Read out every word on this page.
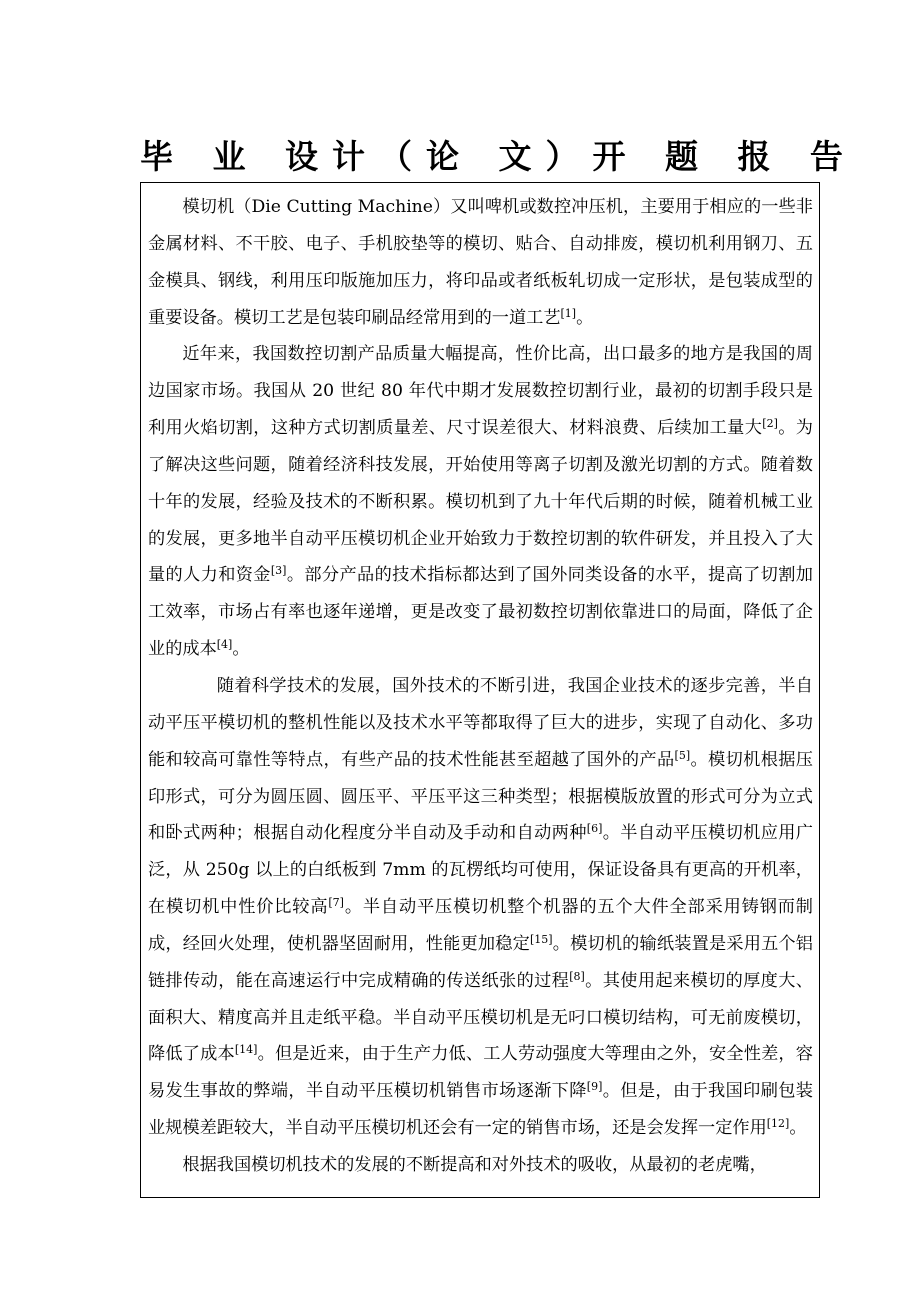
毕 业 设计（论 文）开 题 报 告

模切机（Die Cutting Machine）又叫啤机或数控冲压机，主要用于相应的一些非金属材料、不干胶、电子、手机胶垫等的模切、贴合、自动排废，模切机利用钢刀、五金模具、钢线，利用压印版施加压力，将印品或者纸板轧切成一定形状，是包装成型的重要设备。模切工艺是包装印刷品经常用到的一道工艺[1]。

近年来，我国数控切割产品质量大幅提高，性价比高，出口最多的地方是我国的周边国家市场。我国从 20 世纪 80 年代中期才发展数控切割行业，最初的切割手段只是利用火焰切割，这种方式切割质量差、尺寸误差很大、材料浪费、后续加工量大[2]。为了解决这些问题，随着经济科技发展，开始使用等离子切割及激光切割的方式。随着数十年的发展，经验及技术的不断积累。模切机到了九十年代后期的时候，随着机械工业的发展，更多地半自动平压模切机企业开始致力于数控切割的软件研发，并且投入了大量的人力和资金[3]。部分产品的技术指标都达到了国外同类设备的水平，提高了切割加工效率，市场占有率也逐年递增，更是改变了最初数控切割依靠进口的局面，降低了企业的成本[4]。

随着科学技术的发展，国外技术的不断引进，我国企业技术的逐步完善，半自动平压平模切机的整机性能以及技术水平等都取得了巨大的进步，实现了自动化、多功能和较高可靠性等特点，有些产品的技术性能甚至超越了国外的产品[5]。模切机根据压印形式，可分为圆压圆、圆压平、平压平这三种类型；根据模版放置的形式可分为立式和卧式两种；根据自动化程度分半自动及手动和自动两种[6]。半自动平压模切机应用广泛，从 250g 以上的白纸板到 7mm 的瓦楞纸均可使用，保证设备具有更高的开机率，在模切机中性价比较高[7]。半自动平压模切机整个机器的五个大件全部采用铸钢而制成，经回火处理，使机器坚固耐用，性能更加稳定[15]。模切机的输纸装置是采用五个铝链排传动，能在高速运行中完成精确的传送纸张的过程[8]。其使用起来模切的厚度大、面积大、精度高并且走纸平稳。半自动平压模切机是无叼口模切结构，可无前废模切，降低了成本[14]。但是近来，由于生产力低、工人劳动强度大等理由之外，安全性差，容易发生事故的弊端，半自动平压模切机销售市场逐渐下降[9]。但是，由于我国印刷包装业规模差距较大，半自动平压模切机还会有一定的销售市场，还是会发挥一定作用[12]。

根据我国模切机技术的发展的不断提高和对外技术的吸收，从最初的老虎嘴，
